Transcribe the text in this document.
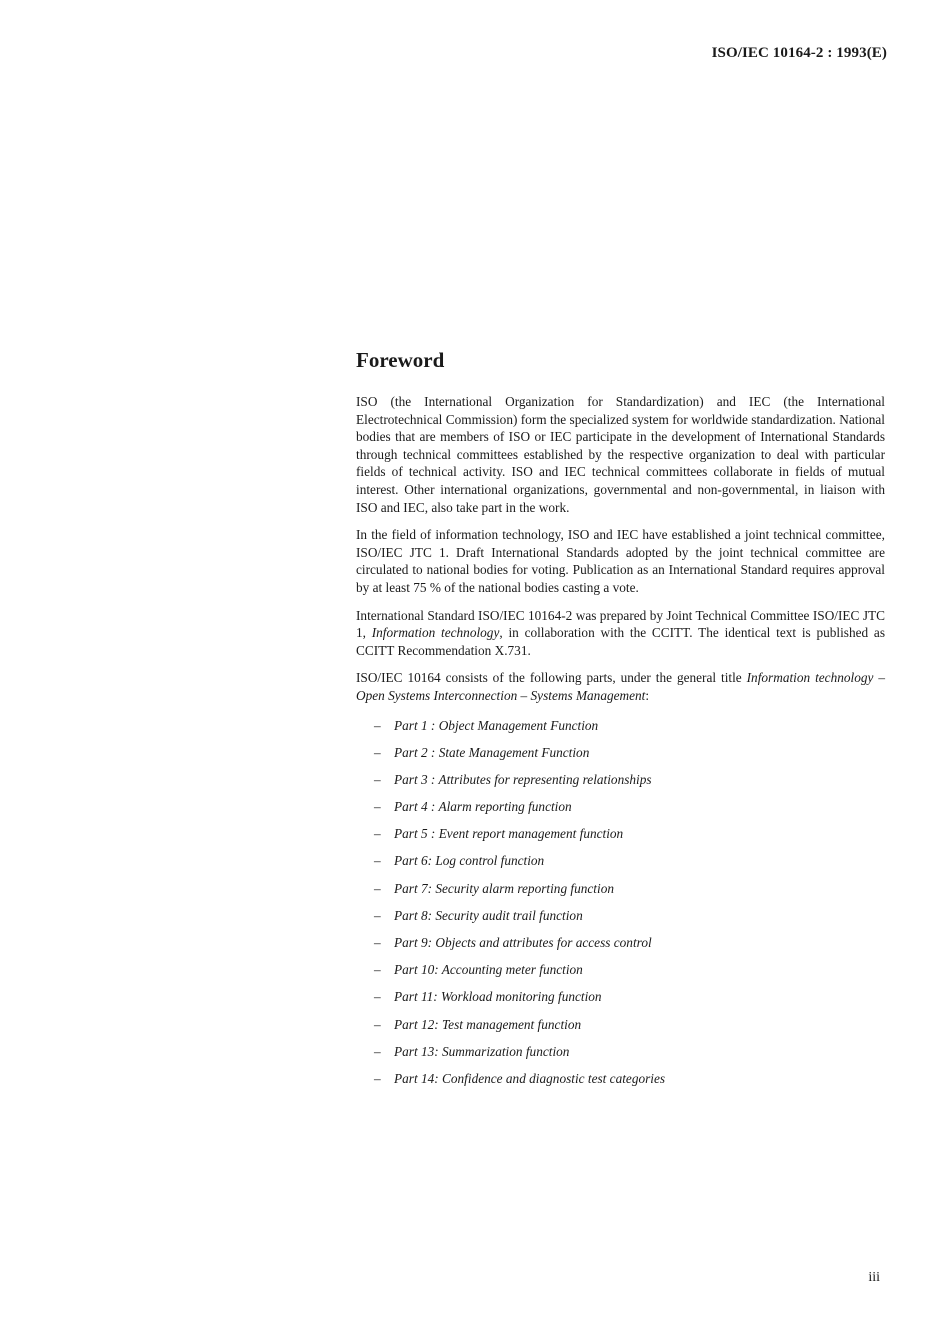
ISO/IEC 10164-2 : 1993(E)
Foreword

ISO (the International Organization for Standardization) and IEC (the International Electrotechnical Commission) form the specialized system for worldwide standardization. National bodies that are members of ISO or IEC participate in the development of International Standards through technical committees established by the respective organization to deal with particular fields of technical activity. ISO and IEC technical committees collaborate in fields of mutual interest. Other international organizations, governmental and non-governmental, in liaison with ISO and IEC, also take part in the work.

In the field of information technology, ISO and IEC have established a joint technical committee, ISO/IEC JTC 1. Draft International Standards adopted by the joint technical committee are circulated to national bodies for voting. Publication as an International Standard requires approval by at least 75 % of the national bodies casting a vote.

International Standard ISO/IEC 10164-2 was prepared by Joint Technical Committee ISO/IEC JTC 1, Information technology, in collaboration with the CCITT. The identical text is published as CCITT Recommendation X.731.

ISO/IEC 10164 consists of the following parts, under the general title Information technology – Open Systems Interconnection – Systems Management:

–	Part 1 : Object Management Function
–	Part 2 : State Management Function
–	Part 3 : Attributes for representing relationships
–	Part 4 : Alarm reporting function
–	Part 5 : Event report management function
–	Part 6: Log control function
–	Part 7: Security alarm reporting function
–	Part 8: Security audit trail function
–	Part 9: Objects and attributes for access control
–	Part 10: Accounting meter function
–	Part 11: Workload monitoring function
–	Part 12: Test management function
–	Part 13: Summarization function
–	Part 14: Confidence and diagnostic test categories
iii
